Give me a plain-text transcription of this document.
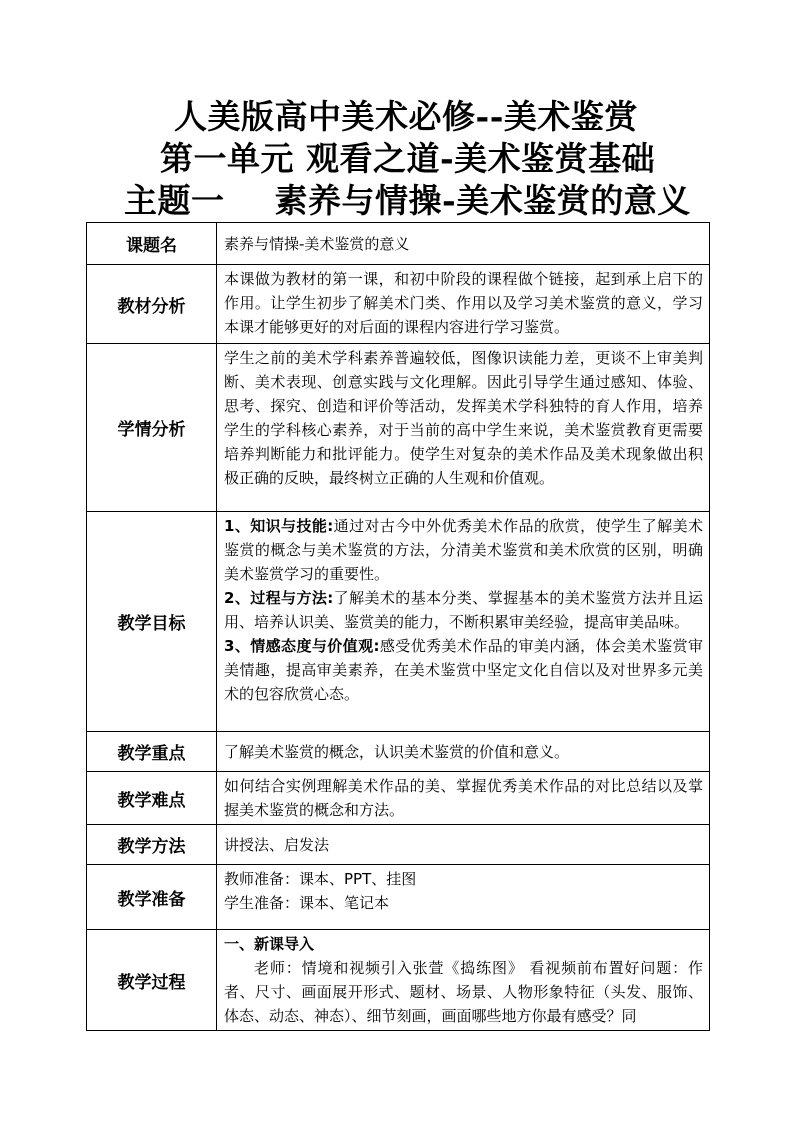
人美版高中美术必修--美术鉴赏
第一单元 观看之道-美术鉴赏基础
主题一 素养与情操-美术鉴赏的意义
课题名	素养与情操-美术鉴赏的意义
教材分析	本课做为教材的第一课，和初中阶段的课程做个链接，起到承上启下的作用。让学生初步了解美术门类、作用以及学习美术鉴赏的意义，学习本课才能够更好的对后面的课程内容进行学习鉴赏。
学情分析	学生之前的美术学科素养普遍较低，图像识读能力差，更谈不上审美判断、美术表现、创意实践与文化理解。因此引导学生通过感知、体验、思考、探究、创造和评价等活动，发挥美术学科独特的育人作用，培养学生的学科核心素养，对于当前的高中学生来说，美术鉴赏教育更需要培养判断能力和批评能力。使学生对复杂的美术作品及美术现象做出积极正确的反映，最终树立正确的人生观和价值观。
教学目标	1、知识与技能:通过对古今中外优秀美术作品的欣赏，使学生了解美术鉴赏的概念与美术鉴赏的方法，分清美术鉴赏和美术欣赏的区别，明确美术鉴赏学习的重要性。
2、过程与方法:了解美术的基本分类、掌握基本的美术鉴赏方法并且运用、培养认识美、鉴赏美的能力，不断积累审美经验，提高审美品味。
3、情感态度与价值观:感受优秀美术作品的审美内涵，体会美术鉴赏审美情趣，提高审美素养，在美术鉴赏中坚定文化自信以及对世界多元美术的包容欣赏心态。

教学重点	了解美术鉴赏的概念，认识美术鉴赏的价值和意义。
教学难点	如何结合实例理解美术作品的美、掌握优秀美术作品的对比总结以及掌握美术鉴赏的概念和方法。
教学方法	讲授法、启发法
教学准备	教师准备：课本、PPT、挂图
学生准备：课本、笔记本

教学过程	一、新课导入
老师：情境和视频引入张萱《捣练图》 看视频前布置好问题：作者、尺寸、画面展开形式、题材、场景、人物形象特征（头发、服饰、体态、动态、神态）、细节刻画，画面哪些地方你最有感受？同
